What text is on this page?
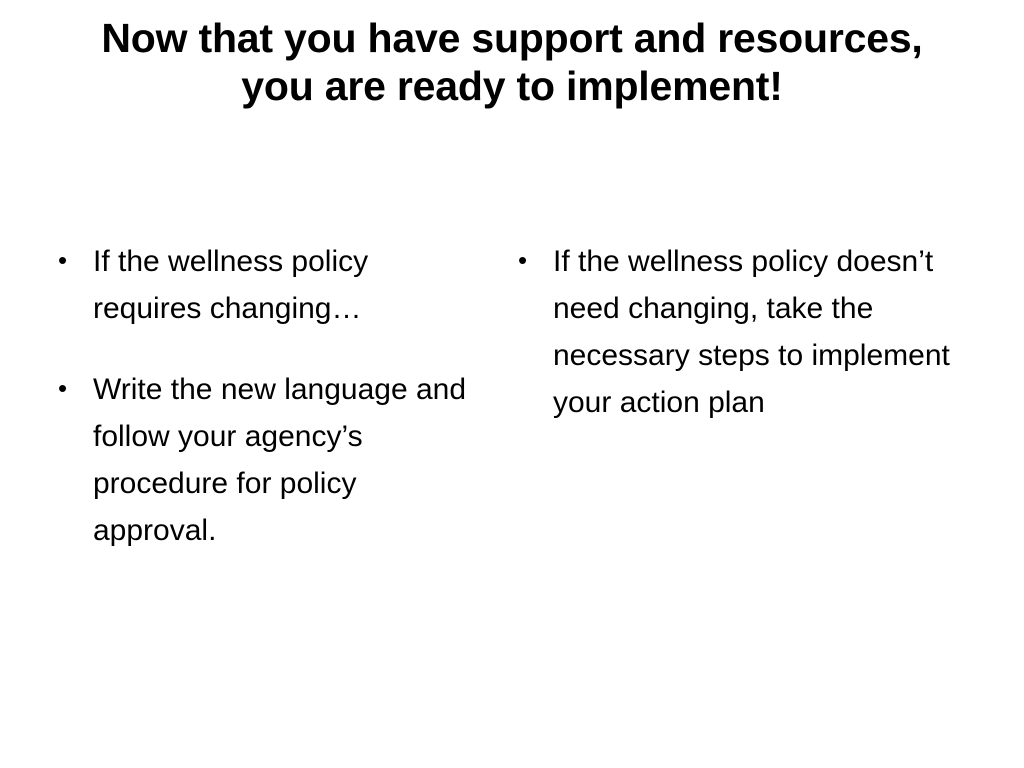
Now that you have support and resources, you are ready to implement!
• If the wellness policy requires changing…
• Write the new language and follow your agency’s procedure for policy approval.
• If the wellness policy doesn’t need changing, take the necessary steps to implement your action plan
